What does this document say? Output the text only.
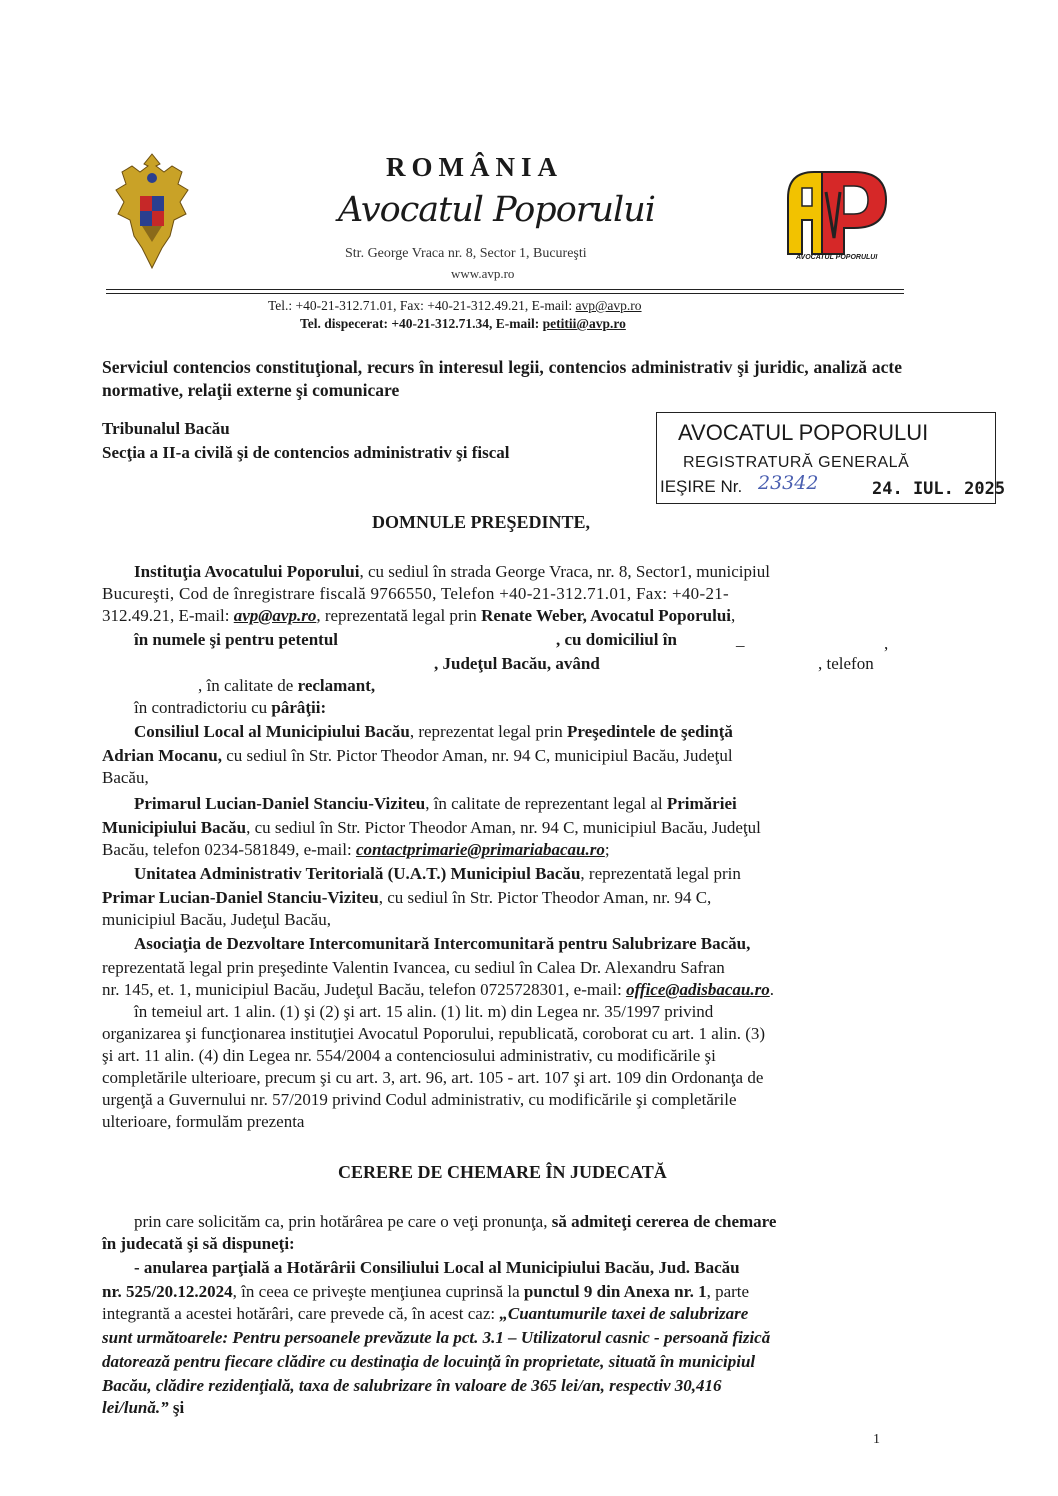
ROMÂNIA
Avocatul Poporului
Str. George Vraca nr. 8, Sector 1, Bucureşti
www.avp.ro
AVOCATUL POPORULUI
Tel.: +40-21-312.71.01, Fax: +40-21-312.49.21, E-mail: avp@avp.ro
Tel. dispecerat: +40-21-312.71.34, E-mail: petitii@avp.ro
Serviciul contencios constituţional, recurs în interesul legii, contencios administrativ şi juridic, analiză acte normative, relaţii externe şi comunicare
Tribunalul Bacău
Secţia a II-a civilă şi de contencios administrativ şi fiscal
AVOCATUL POPORULUI
REGISTRATURĂ GENERALĂ
IEŞIRE Nr. 23342	24. IUL. 2025
DOMNULE PREŞEDINTE,
Instituţia Avocatului Poporului, cu sediul în strada George Vraca, nr. 8, Sector1, municipiul
Bucureşti, Cod de înregistrare fiscală 9766550, Telefon +40-21-312.71.01, Fax: +40-21-
312.49.21, E-mail: avp@avp.ro, reprezentată legal prin Renate Weber, Avocatul Poporului,
în numele şi pentru petentul	, cu domiciliul în	_	,
, Judeţul Bacău, având	, telefon
, în calitate de reclamant,
în contradictoriu cu pârâţii:
Consiliul Local al Municipiului Bacău, reprezentat legal prin Preşedintele de şedinţă
Adrian Mocanu, cu sediul în Str. Pictor Theodor Aman, nr. 94 C, municipiul Bacău, Judeţul
Bacău,
Primarul Lucian-Daniel Stanciu-Viziteu, în calitate de reprezentant legal al Primăriei
Municipiului Bacău, cu sediul în Str. Pictor Theodor Aman, nr. 94 C, municipiul Bacău, Judeţul
Bacău, telefon 0234-581849, e-mail: contactprimarie@primariabacau.ro;
Unitatea Administrativ Teritorială (U.A.T.) Municipiul Bacău, reprezentată legal prin
Primar Lucian-Daniel Stanciu-Viziteu, cu sediul în Str. Pictor Theodor Aman, nr. 94 C,
municipiul Bacău, Judeţul Bacău,
Asociaţia de Dezvoltare Intercomunitară Intercomunitară pentru Salubrizare Bacău,
reprezentată legal prin preşedinte Valentin Ivancea, cu sediul în Calea Dr. Alexandru Safran
nr. 145, et. 1, municipiul Bacău, Judeţul Bacău, telefon 0725728301, e-mail: office@adisbacau.ro.
în temeiul art. 1 alin. (1) şi (2) şi art. 15 alin. (1) lit. m) din Legea nr. 35/1997 privind
organizarea şi funcţionarea instituţiei Avocatul Poporului, republicată, coroborat cu art. 1 alin. (3)
şi art. 11 alin. (4) din Legea nr. 554/2004 a contenciosului administrativ, cu modificările şi
completările ulterioare, precum şi cu art. 3, art. 96, art. 105 - art. 107 şi art. 109 din Ordonanţa de
urgenţă a Guvernului nr. 57/2019 privind Codul administrativ, cu modificările şi completările
ulterioare, formulăm prezenta
CERERE DE CHEMARE ÎN JUDECATĂ
prin care solicităm ca, prin hotărârea pe care o veţi pronunţa, să admiteţi cererea de chemare
în judecată şi să dispuneţi:
- anularea parţială a Hotărârii Consiliului Local al Municipiului Bacău, Jud. Bacău
nr. 525/20.12.2024, în ceea ce priveşte menţiunea cuprinsă la punctul 9 din Anexa nr. 1, parte
integrantă a acestei hotărâri, care prevede că, în acest caz: „Cuantumurile taxei de salubrizare
sunt următoarele: Pentru persoanele prevăzute la pct. 3.1 – Utilizatorul casnic - persoană fizică
datorează pentru fiecare clădire cu destinaţia de locuinţă în proprietate, situată în municipiul
Bacău, clădire rezidenţială, taxa de salubrizare în valoare de 365 lei/an, respectiv 30,416
lei/lună.” şi
1
